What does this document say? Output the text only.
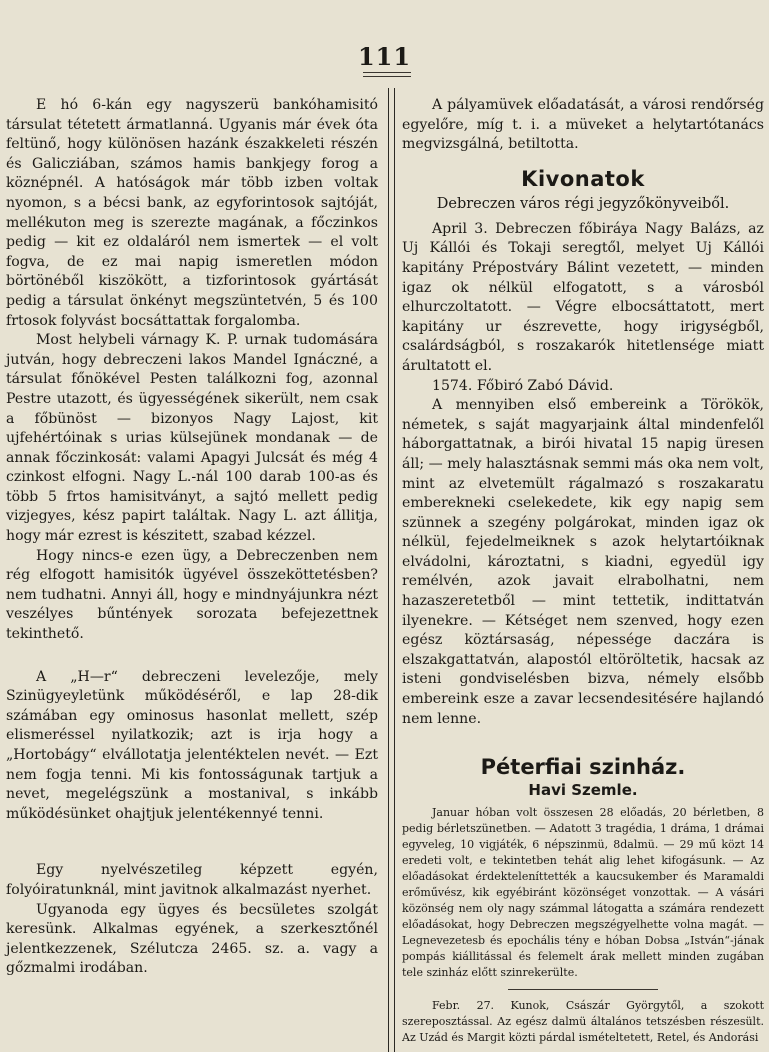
111

E hó 6-kán egy nagyszerü bankóhamisitó társulat tétetett ármatlanná. Ugyanis már évek óta feltünő, hogy különösen hazánk északkeleti részén és Galicziában, számos hamis bankjegy forog a köznépnél. A hatóságok már több izben voltak nyomon, s a bécsi bank, az egyforintosok sajtóját, mellékuton meg is szerezte magának, a főczinkos pedig — kit ez oldaláról nem ismertek — el volt fogva, de ez mai napig ismeretlen módon börtönéből kiszökött, a tizforintosok gyártását pedig a társulat önkényt megszüntetvén, 5 és 100 frtosok folyvást bocsáttattak forgalomba.

Most helybeli várnagy K. P. urnak tudomására jutván, hogy debreczeni lakos Mandel Ignáczné, a társulat főnökével Pesten találkozni fog, azonnal Pestre utazott, és ügyességének sikerült, nem csak a főbünöst — bizonyos Nagy Lajost, kit ujfehértóinak s urias külsejünek mondanak — de annak főczinkosát: valami Apagyi Julcsát és még 4 czinkost elfogni. Nagy L.-nál 100 darab 100-as és több 5 frtos hamisitványt, a sajtó mellett pedig vizjegyes, kész papirt találtak. Nagy L. azt állitja, hogy már ezrest is készitett, szabad kézzel.

Hogy nincs-e ezen ügy, a Debreczenben nem rég elfogott hamisitók ügyével összeköttetésben? nem tudhatni. Annyi áll, hogy e mindnyájunkra nézt veszélyes bűntények sorozata befejezettnek tekinthető.

A „H—r“ debreczeni levelezője, mely Szinügyeyletünk működéséről, e lap 28-dik számában egy ominosus hasonlat mellett, szép elismeréssel nyilatkozik; azt is irja hogy a „Hortobágy“ elvállotatja jelentéktelen nevét. — Ezt nem fogja tenni. Mi kis fontosságunak tartjuk a nevet, megelégszünk a mostanival, s inkább működésünket ohajtjuk jelentékennyé tenni.

Egy nyelvészetileg képzett egyén, folyóiratunknál, mint javitnok alkalmazást nyerhet.

Ugyanoda egy ügyes és becsületes szolgát keresünk. Alkalmas egyének, a szerkesztőnél jelentkezzenek, Szélutcza 2465. sz. a. vagy a gőzmalmi irodában.

A pályamüvek előadatását, a városi rendőrség egyelőre, míg t. i. a müveket a helytartótanács megvizsgálná, betiltotta.

Kivonatok
Debreczen város régi jegyzőkönyveiből.

April 3. Debreczen főbiráya Nagy Balázs, az Uj Kállói és Tokaji seregtől, melyet Uj Kállói kapitány Prépostváry Bálint vezetett, — minden igaz ok nélkül elfogatott, s a városból elhurczoltatott. — Végre elbocsáttatott, mert kapitány ur észrevette, hogy irigységből, csalárdságból, s roszakarók hitetlensége miatt árultatott el.

1574. Főbiró Zabó Dávid.

A mennyiben első embereink a Törökök, németek, s saját magyarjaink által mindenfelől háborgattatnak, a birói hivatal 15 napig üresen áll; — mely halasztásnak semmi más oka nem volt, mint az elvetemült rágalmazó s roszakaratu emberekneki cselekedete, kik egy napig sem szünnek a szegény polgárokat, minden igaz ok nélkül, fejedelmeiknek s azok helytartóiknak elvádolni, károztatni, s kiadni, egyedül igy remélvén, azok javait elrabolhatni, nem hazaszeretetből — mint tettetik, indittatván ilyenekre. — Kétséget nem szenved, hogy ezen egész köztársaság, népessége daczára is elszakgattatván, alapostól eltöröltetik, hacsak az isteni gondviselésben bizva, némely elsőbb embereink esze a zavar lecsendesitésére hajlandó nem lenne.

Péterfiai szinház.
Havi Szemle.

Januar hóban volt összesen 28 előadás, 20 bérletben, 8 pedig bérletszünetben. — Adatott 3 tragédia, 1 dráma, 1 drámai egyveleg, 10 vigjáték, 6 népszinmü, 8dalmü. — 29 mű közt 14 eredeti volt, e tekintetben tehát alig lehet kifogásunk. — Az előadásokat érdekteleníttették a kaucsukember és Maramaldi erőművész, kik egyébiránt közönséget vonzottak. — A vásári közönség nem oly nagy számmal látogatta a számára rendezett előadásokat, hogy Debreczen megszégyelhette volna magát. — Legnevezetesb és epochális tény e hóban Dobsa „István“-jának pompás kiállitással és felemelt árak mellett minden zugában tele szinház előtt szinrekerülte.

Febr. 27. Kunok, Császár Györgytől, a szokott szereposztással. Az egész dalmü általános tetszésben részesült. Az Uzád és Margit közti párdal ismételtetett, Retel, és Andorási
